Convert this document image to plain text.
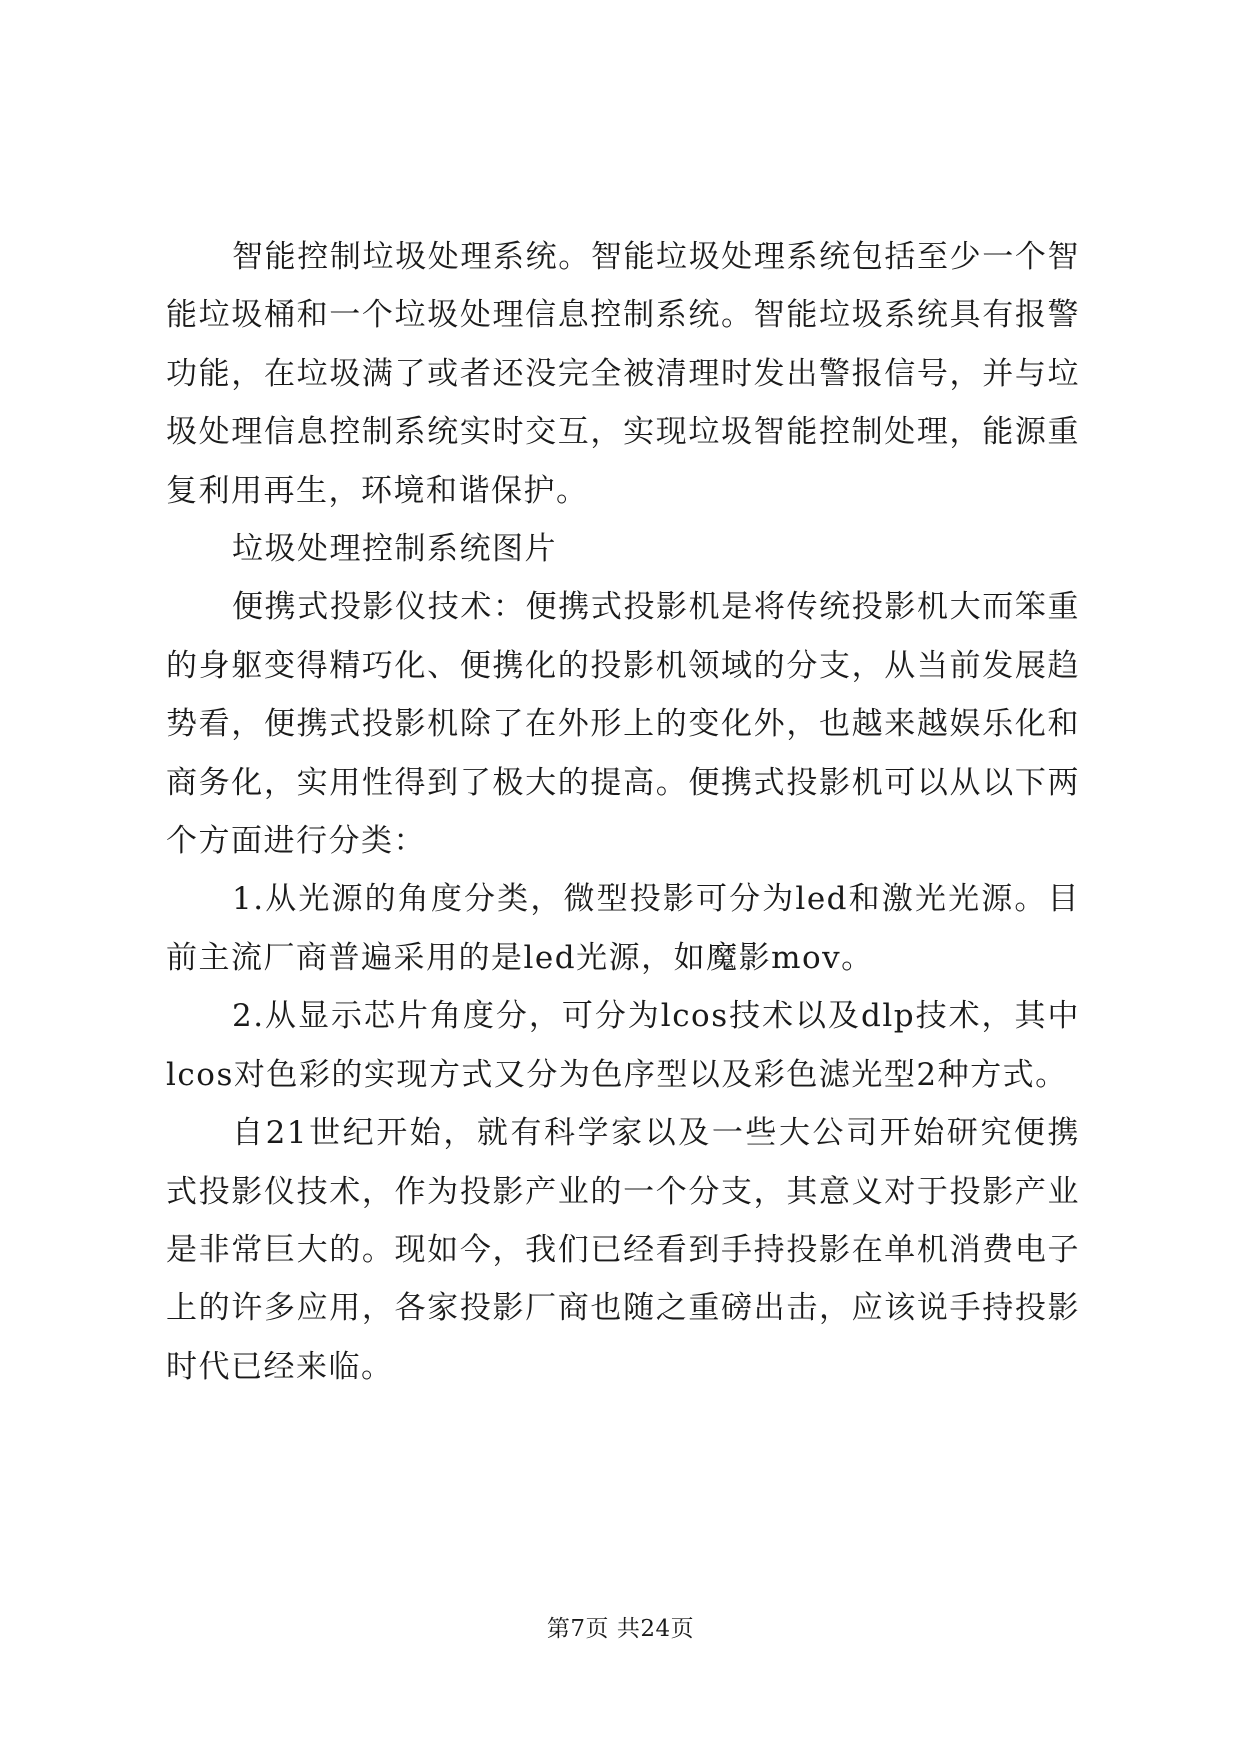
智能控制垃圾处理系统。智能垃圾处理系统包括至少一个智能垃圾桶和一个垃圾处理信息控制系统。智能垃圾系统具有报警功能，在垃圾满了或者还没完全被清理时发出警报信号，并与垃圾处理信息控制系统实时交互，实现垃圾智能控制处理，能源重复利用再生，环境和谐保护。

垃圾处理控制系统图片

便携式投影仪技术：便携式投影机是将传统投影机大而笨重的身躯变得精巧化、便携化的投影机领域的分支，从当前发展趋势看，便携式投影机除了在外形上的变化外，也越来越娱乐化和商务化，实用性得到了极大的提高。便携式投影机可以从以下两个方面进行分类：

1.从光源的角度分类，微型投影可分为led和激光光源。目前主流厂商普遍采用的是led光源，如魔影mov。

2.从显示芯片角度分，可分为lcos技术以及dlp技术，其中lcos对色彩的实现方式又分为色序型以及彩色滤光型2种方式。

自21世纪开始，就有科学家以及一些大公司开始研究便携式投影仪技术，作为投影产业的一个分支，其意义对于投影产业是非常巨大的。现如今，我们已经看到手持投影在单机消费电子上的许多应用，各家投影厂商也随之重磅出击，应该说手持投影时代已经来临。

第7页 共24页
